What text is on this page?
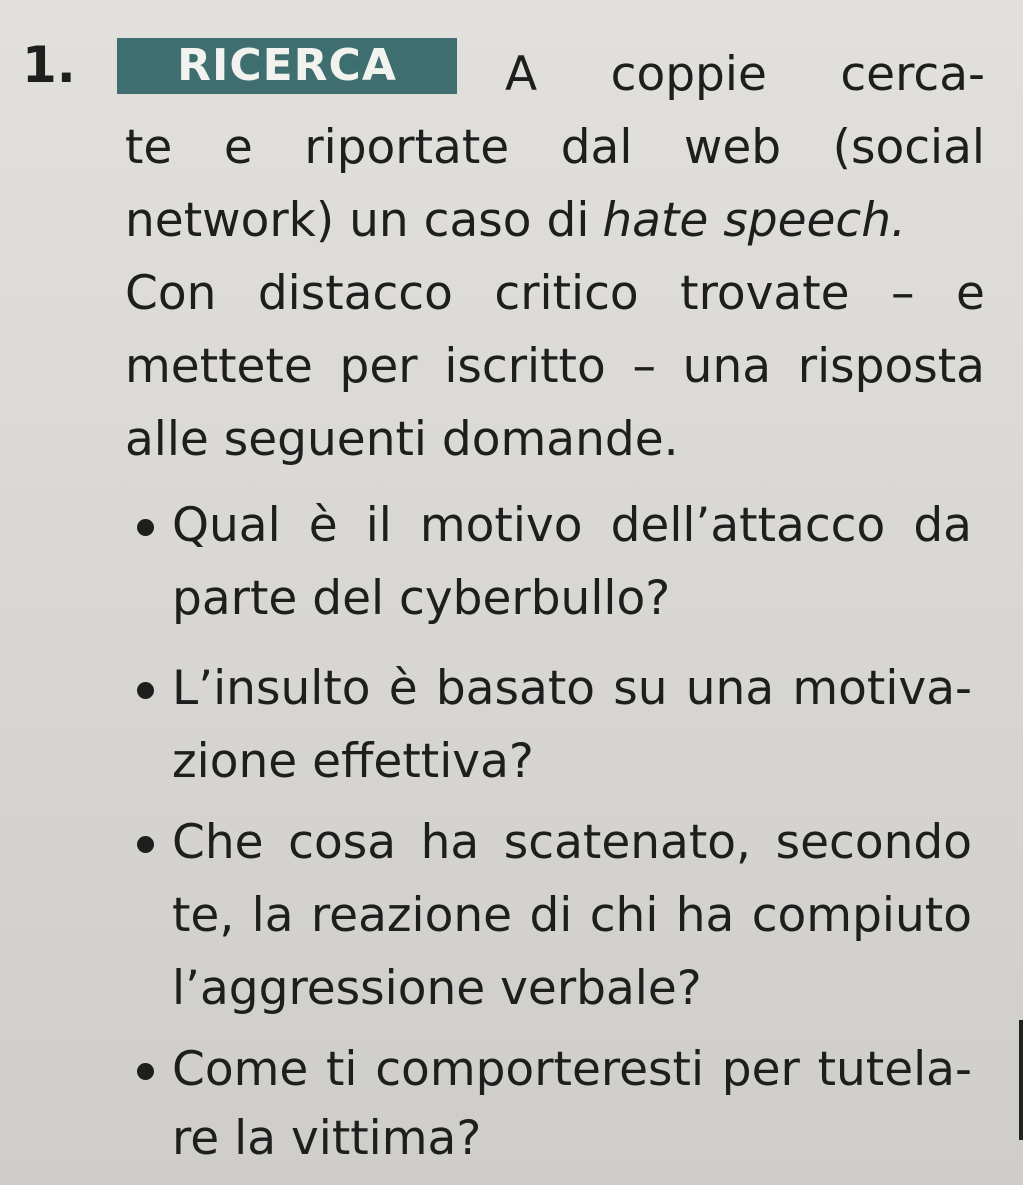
1.	RICERCA	A coppie cerca-
te e riportate dal web (social
network) un caso di hate speech.
Con distacco critico trovate – e
mettete per iscritto – una risposta
alle seguenti domande.
Qual è il motivo dell’attacco da
parte del cyberbullo?
L’insulto è basato su una motiva-
zione effettiva?
Che cosa ha scatenato, secondo
te, la reazione di chi ha compiuto
l’aggressione verbale?
Come ti comporteresti per tutela-
re la vittima?
